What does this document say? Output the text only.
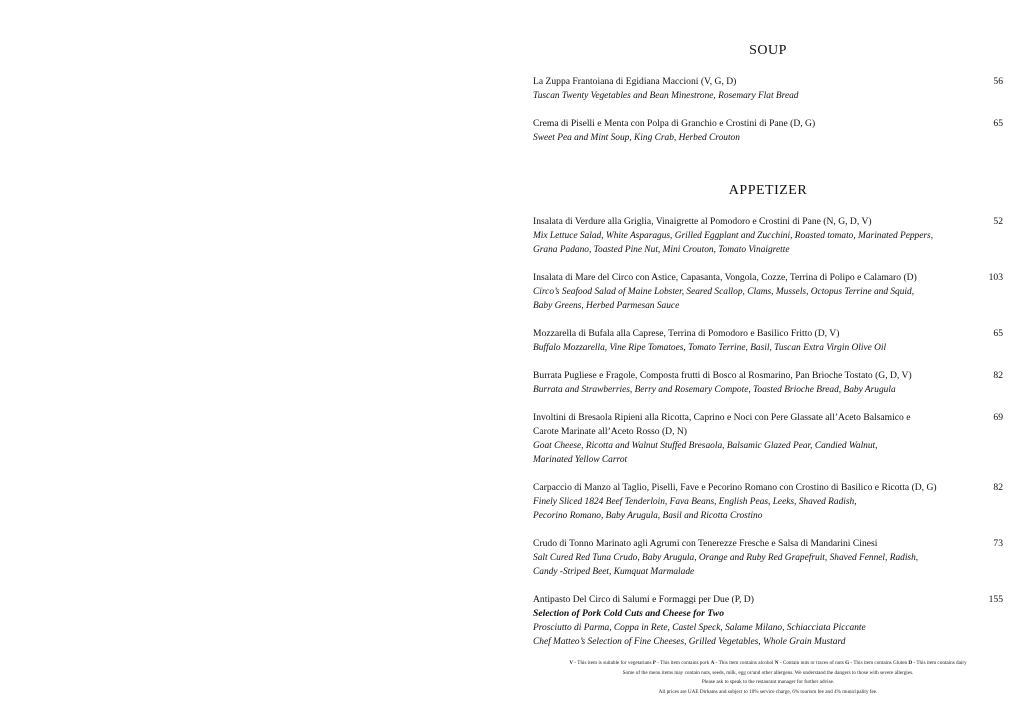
SOUP
La Zuppa Frantoiana di Egidiana Maccioni (V, G, D)
Tuscan Twenty Vegetables and Bean Minestrone, Rosemary Flat Bread
56
Crema di Piselli e Menta con Polpa di Granchio e Crostini di Pane (D, G)
Sweet Pea and Mint Soup, King Crab, Herbed Crouton
65
APPETIZER
Insalata di Verdure alla Griglia, Vinaigrette al Pomodoro e Crostini di Pane (N, G, D, V)
Mix Lettuce Salad, White Asparagus, Grilled Eggplant and Zucchini, Roasted tomato, Marinated Peppers,
Grana Padano, Toasted Pine Nut, Mini Crouton, Tomato Vinaigrette
52
Insalata di Mare del Circo con Astice, Capasanta, Vongola, Cozze, Terrina di Polipo e Calamaro (D)
Circo’s Seafood Salad of Maine Lobster, Seared Scallop, Clams, Mussels, Octopus Terrine and Squid,
Baby Greens, Herbed Parmesan Sauce
103
Mozzarella di Bufala alla Caprese, Terrina di Pomodoro e Basilico Fritto (D, V)
Buffalo Mozzarella, Vine Ripe Tomatoes, Tomato Terrine, Basil, Tuscan Extra Virgin Olive Oil
65
Burrata Pugliese e Fragole, Composta frutti di Bosco al Rosmarino, Pan Brioche Tostato (G, D, V)
Burrata and Strawberries, Berry and Rosemary Compote, Toasted Brioche Bread, Baby Arugula
82
Involtini di Bresaola Ripieni alla Ricotta, Caprino e Noci con Pere Glassate all’Aceto Balsamico e Carote Marinate all’Aceto Rosso (D, N)
Goat Cheese, Ricotta and Walnut Stuffed Bresaola, Balsamic Glazed Pear, Candied Walnut,
Marinated Yellow Carrot
69
Carpaccio di Manzo al Taglio, Piselli, Fave e Pecorino Romano con Crostino di Basilico e Ricotta (D, G)
Finely Sliced 1824 Beef Tenderloin, Fava Beans, English Peas, Leeks, Shaved Radish,
Pecorino Romano, Baby Arugula, Basil and Ricotta Crostino
82
Crudo di Tonno Marinato agli Agrumi con Tenerezze Fresche e Salsa di Mandarini Cinesi
Salt Cured Red Tuna Crudo, Baby Arugula, Orange and Ruby Red Grapefruit, Shaved Fennel, Radish,
Candy -Striped Beet, Kumquat Marmalade
73
Antipasto Del Circo di Salumi e Formaggi per Due (P, D)
Selection of Pork Cold Cuts and Cheese for Two
Prosciutto di Parma, Coppa in Rete, Castel Speck, Salame Milano, Schiacciata Piccante
Chef Matteo’s Selection of Fine Cheeses, Grilled Vegetables, Whole Grain Mustard
155
V - This item is suitable for vegetarians P - This item contains pork A - This item contains alcohol N - Contain nuts or traces of nuts G - This item contains Gluten D - This item contains dairy
Some of the menu items may contain nuts, seeds, milk, egg or/and other allergens. We understand the dangers to those with severe allergies.
Please ask to speak to the restaurant manager for further advise.
All prices are UAE Dirhams and subject to 10% service charge, 6% tourism fee and 4% municipality fee.
